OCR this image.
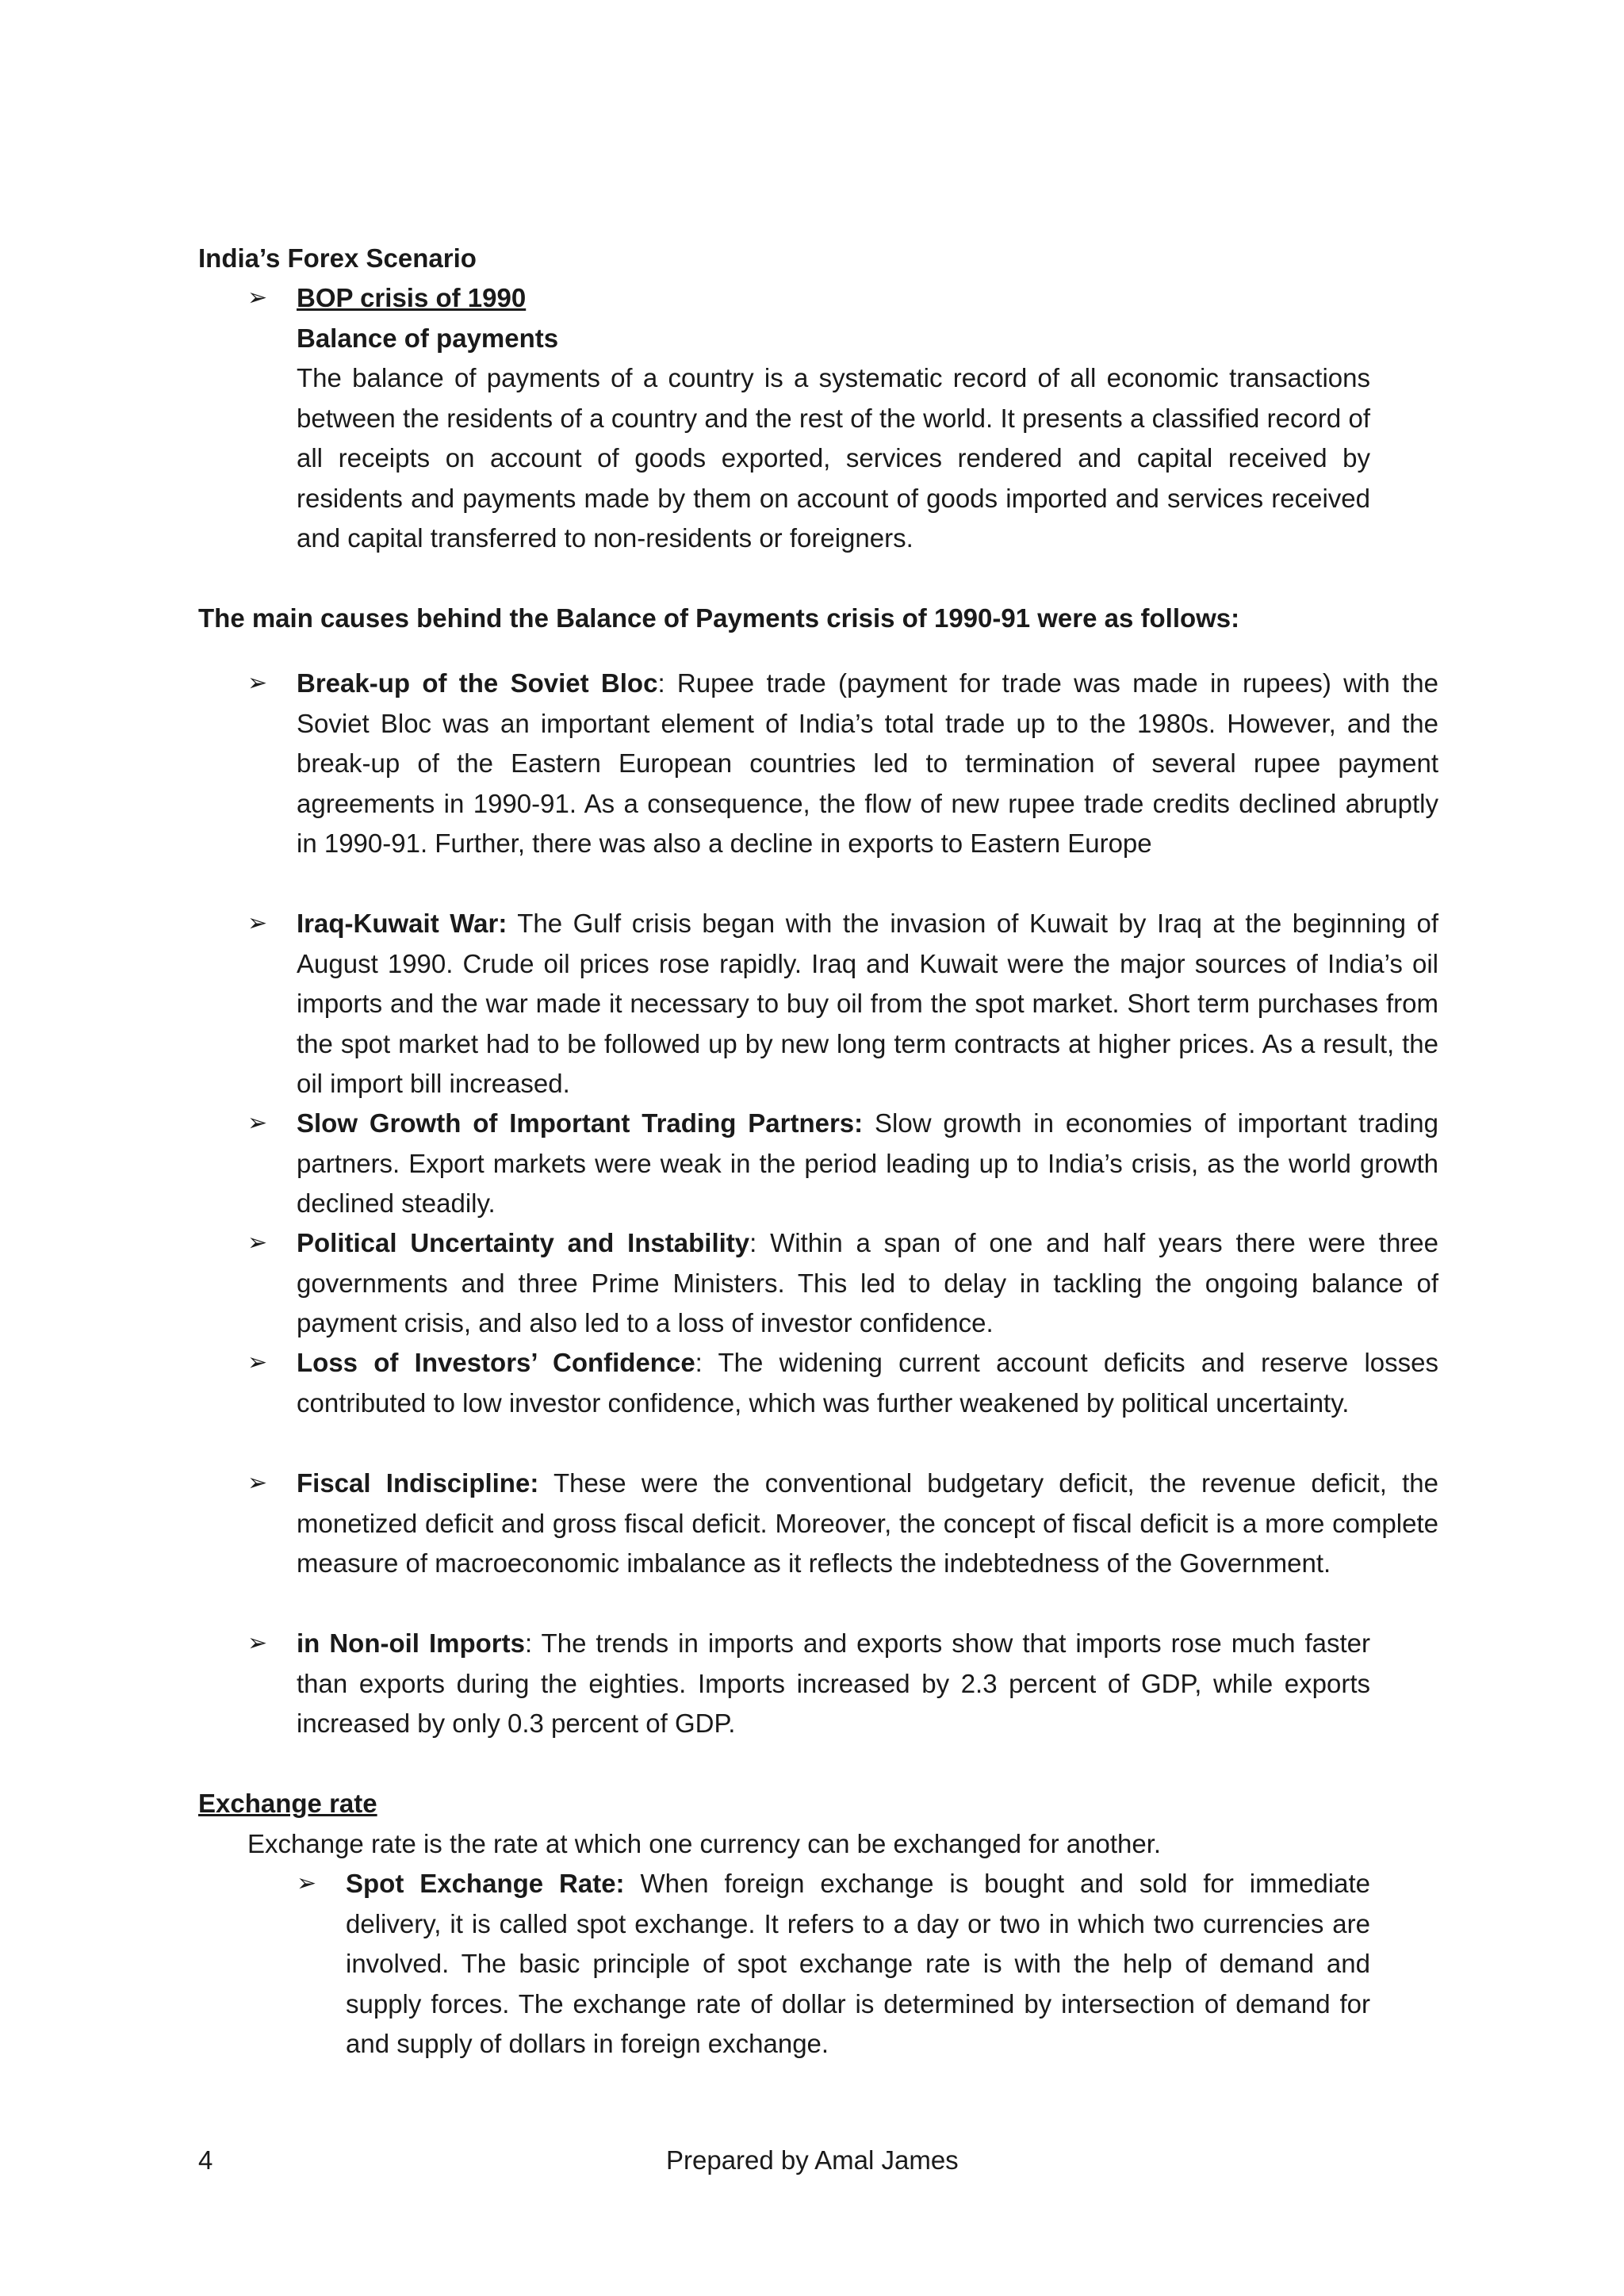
India’s Forex Scenario
➢ BOP crisis of 1990
Balance of payments

The balance of payments of a country is a systematic record of all economic transactions between the residents of a country and the rest of the world. It presents a classified record of all receipts on account of goods exported, services rendered and capital received by residents and payments made by them on account of goods imported and services received and capital transferred to non-residents or foreigners.

The main causes behind the Balance of Payments crisis of 1990-91 were as follows:
➢ Break-up of the Soviet Bloc: Rupee trade (payment for trade was made in rupees) with the Soviet Bloc was an important element of India’s total trade up to the 1980s. However, and the break-up of the Eastern European countries led to termination of several rupee payment agreements in 1990-91. As a consequence, the flow of new rupee trade credits declined abruptly in 1990-91. Further, there was also a decline in exports to Eastern Europe

➢ Iraq-Kuwait War: The Gulf crisis began with the invasion of Kuwait by Iraq at the beginning of August 1990. Crude oil prices rose rapidly. Iraq and Kuwait were the major sources of India’s oil imports and the war made it necessary to buy oil from the spot market. Short term purchases from the spot market had to be followed up by new long term contracts at higher prices. As a result, the oil import bill increased.

➢ Slow Growth of Important Trading Partners: Slow growth in economies of important trading partners. Export markets were weak in the period leading up to India’s crisis, as the world growth declined steadily.

➢ Political Uncertainty and Instability: Within a span of one and half years there were three governments and three Prime Ministers. This led to delay in tackling the ongoing balance of payment crisis, and also led to a loss of investor confidence.

➢ Loss of Investors’ Confidence: The widening current account deficits and reserve losses contributed to low investor confidence, which was further weakened by political uncertainty.

➢ Fiscal Indiscipline: These were the conventional budgetary deficit, the revenue deficit, the monetized deficit and gross fiscal deficit. Moreover, the concept of fiscal deficit is a more complete measure of macroeconomic imbalance as it reflects the indebtedness of the Government.

➢ in Non-oil Imports: The trends in imports and exports show that imports rose much faster than exports during the eighties. Imports increased by 2.3 percent of GDP, while exports increased by only 0.3 percent of GDP.

Exchange rate
Exchange rate is the rate at which one currency can be exchanged for another.
➢ Spot Exchange Rate: When foreign exchange is bought and sold for immediate delivery, it is called spot exchange. It refers to a day or two in which two currencies are involved. The basic principle of spot exchange rate is with the help of demand and supply forces. The exchange rate of dollar is determined by intersection of demand for and supply of dollars in foreign exchange.

4	Prepared by Amal James
